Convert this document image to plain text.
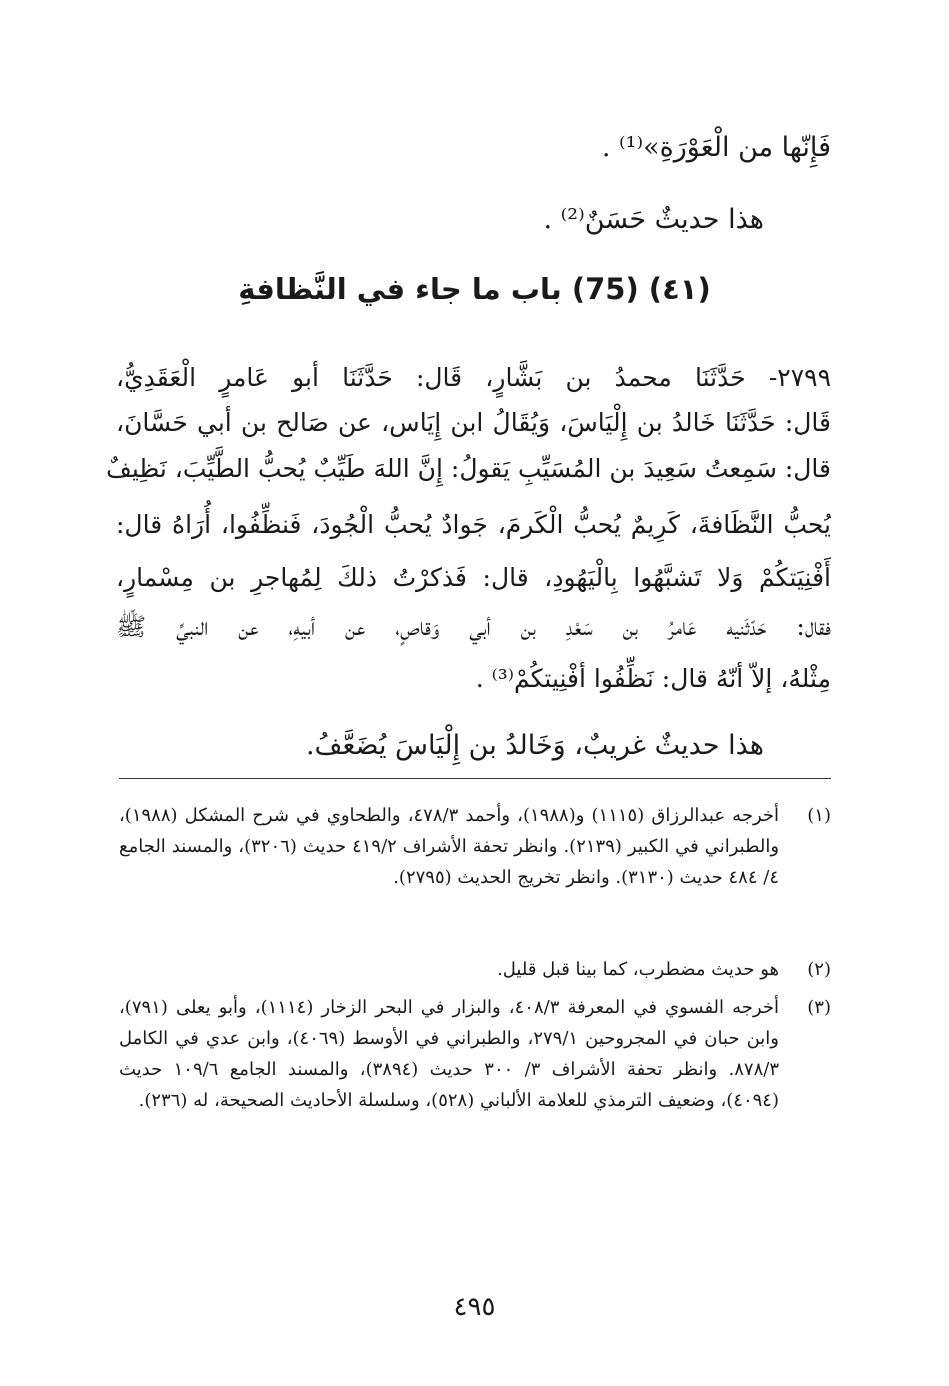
فَإِنّها من الْعَوْرَةِ»⁽¹⁾ .
هذا حديثٌ حَسَنٌ⁽²⁾ .
(٤١) (75) باب ما جاء في النَّظافةِ
٢٧٩٩- حَدَّثَنَا محمدُ بن بَشَّارٍ، قَال: حَدَّثَنَا أبو عَامرٍ الْعَقَدِيُّ،
قَال: حَدَّثَنَا خَالدُ بن إِلْيَاسَ، وَيُقَالُ ابن إِيَاس، عن صَالح بن أبي حَسَّانَ،
قال: سَمِعتُ سَعِيدَ بن المُسَيِّبِ يَقولُ: إِنَّ اللهَ طَيِّبٌ يُحبُّ الطَّيِّبَ، نَظِيفٌ
يُحبُّ النَّظَافةَ، كَرِيمٌ يُحبُّ الْكَرمَ، جَوادٌ يُحبُّ الْجُودَ، فَنظِّفُوا، أُرَاهُ قال:
أَفْنِيَتكُمْ وَلا تَشبَّهُوا بِالْيَهُودِ، قال: فَذكرْتُ ذلكَ لِمُهاجرِ بن مِسْمارٍ،
فقال: حَدّثَنيه عَامرُ بن سَعْدِ بن أبي وَقاصٍ، عن أبيهِ، عن النبيِّ ﷺ
مِثْلهُ، إلاّ أنّهُ قال: نَظِّفُوا أفْنِيتكُمْ⁽³⁾ .
هذا حديثٌ غريبٌ، وَخَالدُ بن إِلْيَاسَ يُضَعَّفُ.
(١)
أخرجه عبدالرزاق (١١١٥) و(١٩٨٨)، وأحمد ٤٧٨/٣، والطحاوي في شرح المشكل (١٩٨٨)، والطبراني في الكبير (٢١٣٩). وانظر تحفة الأشراف ٤١٩/٢ حديث (٣٢٠٦)، والمسند الجامع ٤/ ٤٨٤ حديث (٣١٣٠). وانظر تخريج الحديث (٢٧٩٥).
(٢)
هو حديث مضطرب، كما بينا قبل قليل.
(٣)
أخرجه الفسوي في المعرفة ٤٠٨/٣، والبزار في البحر الزخار (١١١٤)، وأبو يعلى (٧٩١)، وابن حبان في المجروحين ٢٧٩/١، والطبراني في الأوسط (٤٠٦٩)، وابن عدي في الكامل ٨٧٨/٣. وانظر تحفة الأشراف ٣/ ٣٠٠ حديث (٣٨٩٤)، والمسند الجامع ١٠٩/٦ حديث (٤٠٩٤)، وضعيف الترمذي للعلامة الألباني (٥٢٨)، وسلسلة الأحاديث الصحيحة، له (٢٣٦).
٤٩٥
